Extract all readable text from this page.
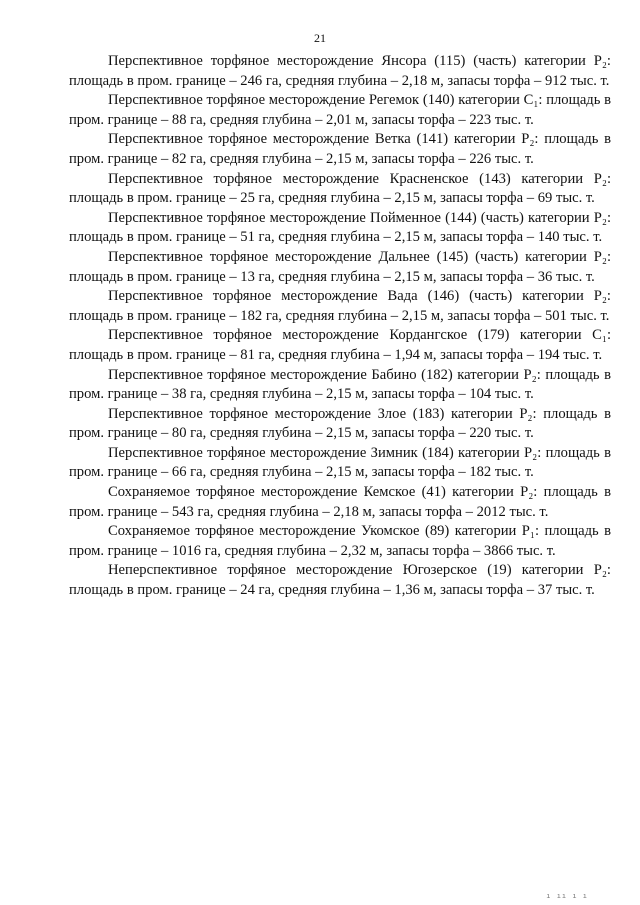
21

Перспективное торфяное месторождение Янсора (115) (часть) категории P₂: площадь в пром. границе – 246 га, средняя глубина – 2,18 м, запасы торфа – 912 тыс. т.

Перспективное торфяное месторождение Регемок (140) категории C₁: площадь в пром. границе – 88 га, средняя глубина – 2,01 м, запасы торфа – 223 тыс. т.

Перспективное торфяное месторождение Ветка (141) категории P₂: площадь в пром. границе – 82 га, средняя глубина – 2,15 м, запасы торфа – 226 тыс. т.

Перспективное торфяное месторождение Красненское (143) категории P₂: площадь в пром. границе – 25 га, средняя глубина – 2,15 м, запасы торфа – 69 тыс. т.

Перспективное торфяное месторождение Пойменное (144) (часть) категории P₂: площадь в пром. границе – 51 га, средняя глубина – 2,15 м, запасы торфа – 140 тыс. т.

Перспективное торфяное месторождение Дальнее (145) (часть) категории P₂: площадь в пром. границе – 13 га, средняя глубина – 2,15 м, запасы торфа – 36 тыс. т.

Перспективное торфяное месторождение Вада (146) (часть) категории P₂: площадь в пром. границе – 182 га, средняя глубина – 2,15 м, запасы торфа – 501 тыс. т.

Перспективное торфяное месторождение Кордангское (179) категории C₁: площадь в пром. границе – 81 га, средняя глубина – 1,94 м, запасы торфа – 194 тыс. т.

Перспективное торфяное месторождение Бабино (182) категории P₂: площадь в пром. границе – 38 га, средняя глубина – 2,15 м, запасы торфа – 104 тыс. т.

Перспективное торфяное месторождение Злое (183) категории P₂: площадь в пром. границе – 80 га, средняя глубина – 2,15 м, запасы торфа – 220 тыс. т.

Перспективное торфяное месторождение Зимник (184) категории P₂: площадь в пром. границе – 66 га, средняя глубина – 2,15 м, запасы торфа – 182 тыс. т.

Сохраняемое торфяное месторождение Кемское (41) категории P₂: площадь в пром. границе – 543 га, средняя глубина – 2,18 м, запасы торфа – 2012 тыс. т.

Сохраняемое торфяное месторождение Укомское (89) категории P₁: площадь в пром. границе – 1016 га, средняя глубина – 2,32 м, запасы торфа – 3866 тыс. т.

Неперспективное торфяное месторождение Югозерское (19) категории P₂: площадь в пром. границе – 24 га, средняя глубина – 1,36 м, запасы торфа – 37 тыс. т.

ı ıı ı ı
